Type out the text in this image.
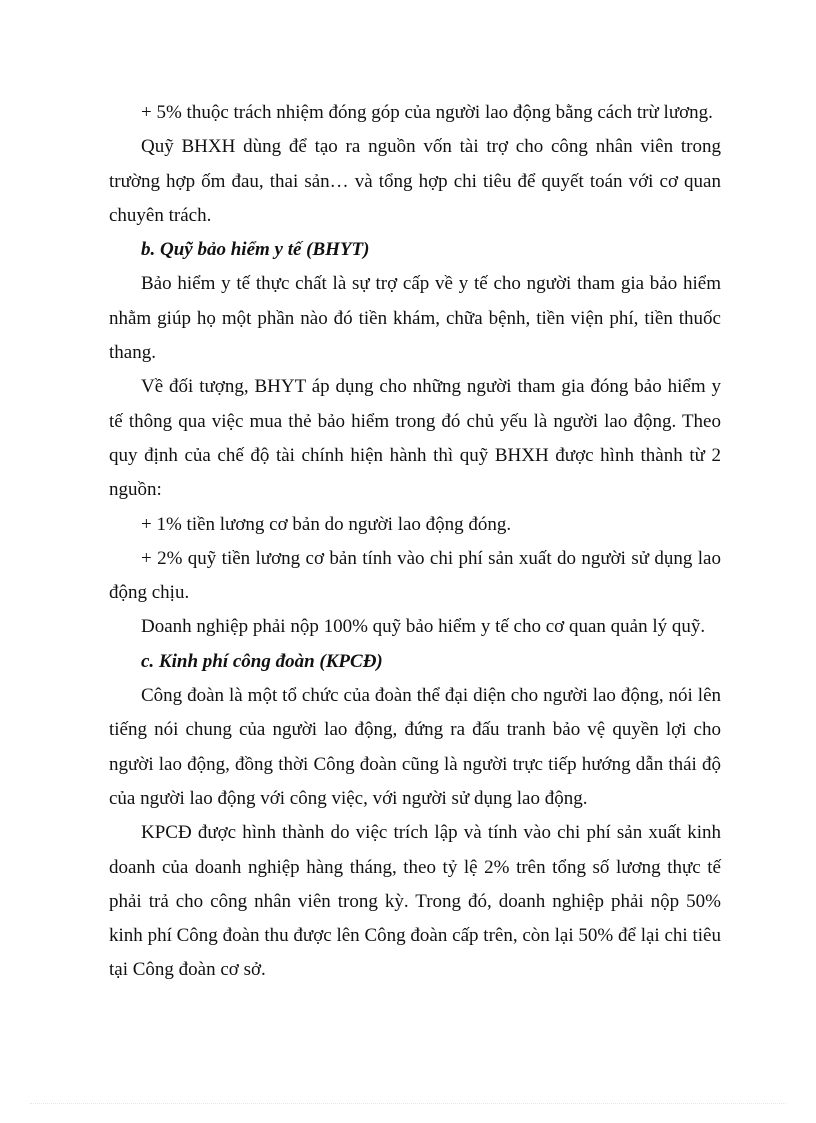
+ 5% thuộc trách nhiệm đóng góp của người lao động bằng cách trừ lương.

Quỹ BHXH dùng để tạo ra nguồn vốn tài trợ cho công nhân viên trong trường hợp ốm đau, thai sản… và tổng hợp chi tiêu để quyết toán với cơ quan chuyên trách.

b. Quỹ bảo hiểm y tế (BHYT)

Bảo hiểm y tế thực chất là sự trợ cấp về y tế cho người tham gia bảo hiểm nhằm giúp họ một phần nào đó tiền khám, chữa bệnh, tiền viện phí, tiền thuốc thang.

Về đối tượng, BHYT áp dụng cho những người tham gia đóng bảo hiểm y tế thông qua việc mua thẻ bảo hiểm trong đó chủ yếu là người lao động. Theo quy định của chế độ tài chính hiện hành thì quỹ BHXH được hình thành từ 2 nguồn:

+ 1% tiền lương cơ bản do người lao động đóng.

+ 2% quỹ tiền lương cơ bản tính vào chi phí sản xuất do người sử dụng lao động chịu.

Doanh nghiệp phải nộp 100% quỹ bảo hiểm y tế cho cơ quan quản lý quỹ.

c. Kinh phí công đoàn (KPCĐ)

Công đoàn là một tổ chức của đoàn thể đại diện cho người lao động, nói lên tiếng nói chung của người lao động, đứng ra đấu tranh bảo vệ quyền lợi cho người lao động, đồng thời Công đoàn cũng là người trực tiếp hướng dẫn thái độ của người lao động với công việc, với người sử dụng lao động.

KPCĐ được hình thành do việc trích lập và tính vào chi phí sản xuất kinh doanh của doanh nghiệp hàng tháng, theo tỷ lệ 2% trên tổng số lương thực tế phải trả cho công nhân viên trong kỳ. Trong đó, doanh nghiệp phải nộp 50% kinh phí Công đoàn thu được lên Công đoàn cấp trên, còn lại 50% để lại chi tiêu tại Công đoàn cơ sở.
